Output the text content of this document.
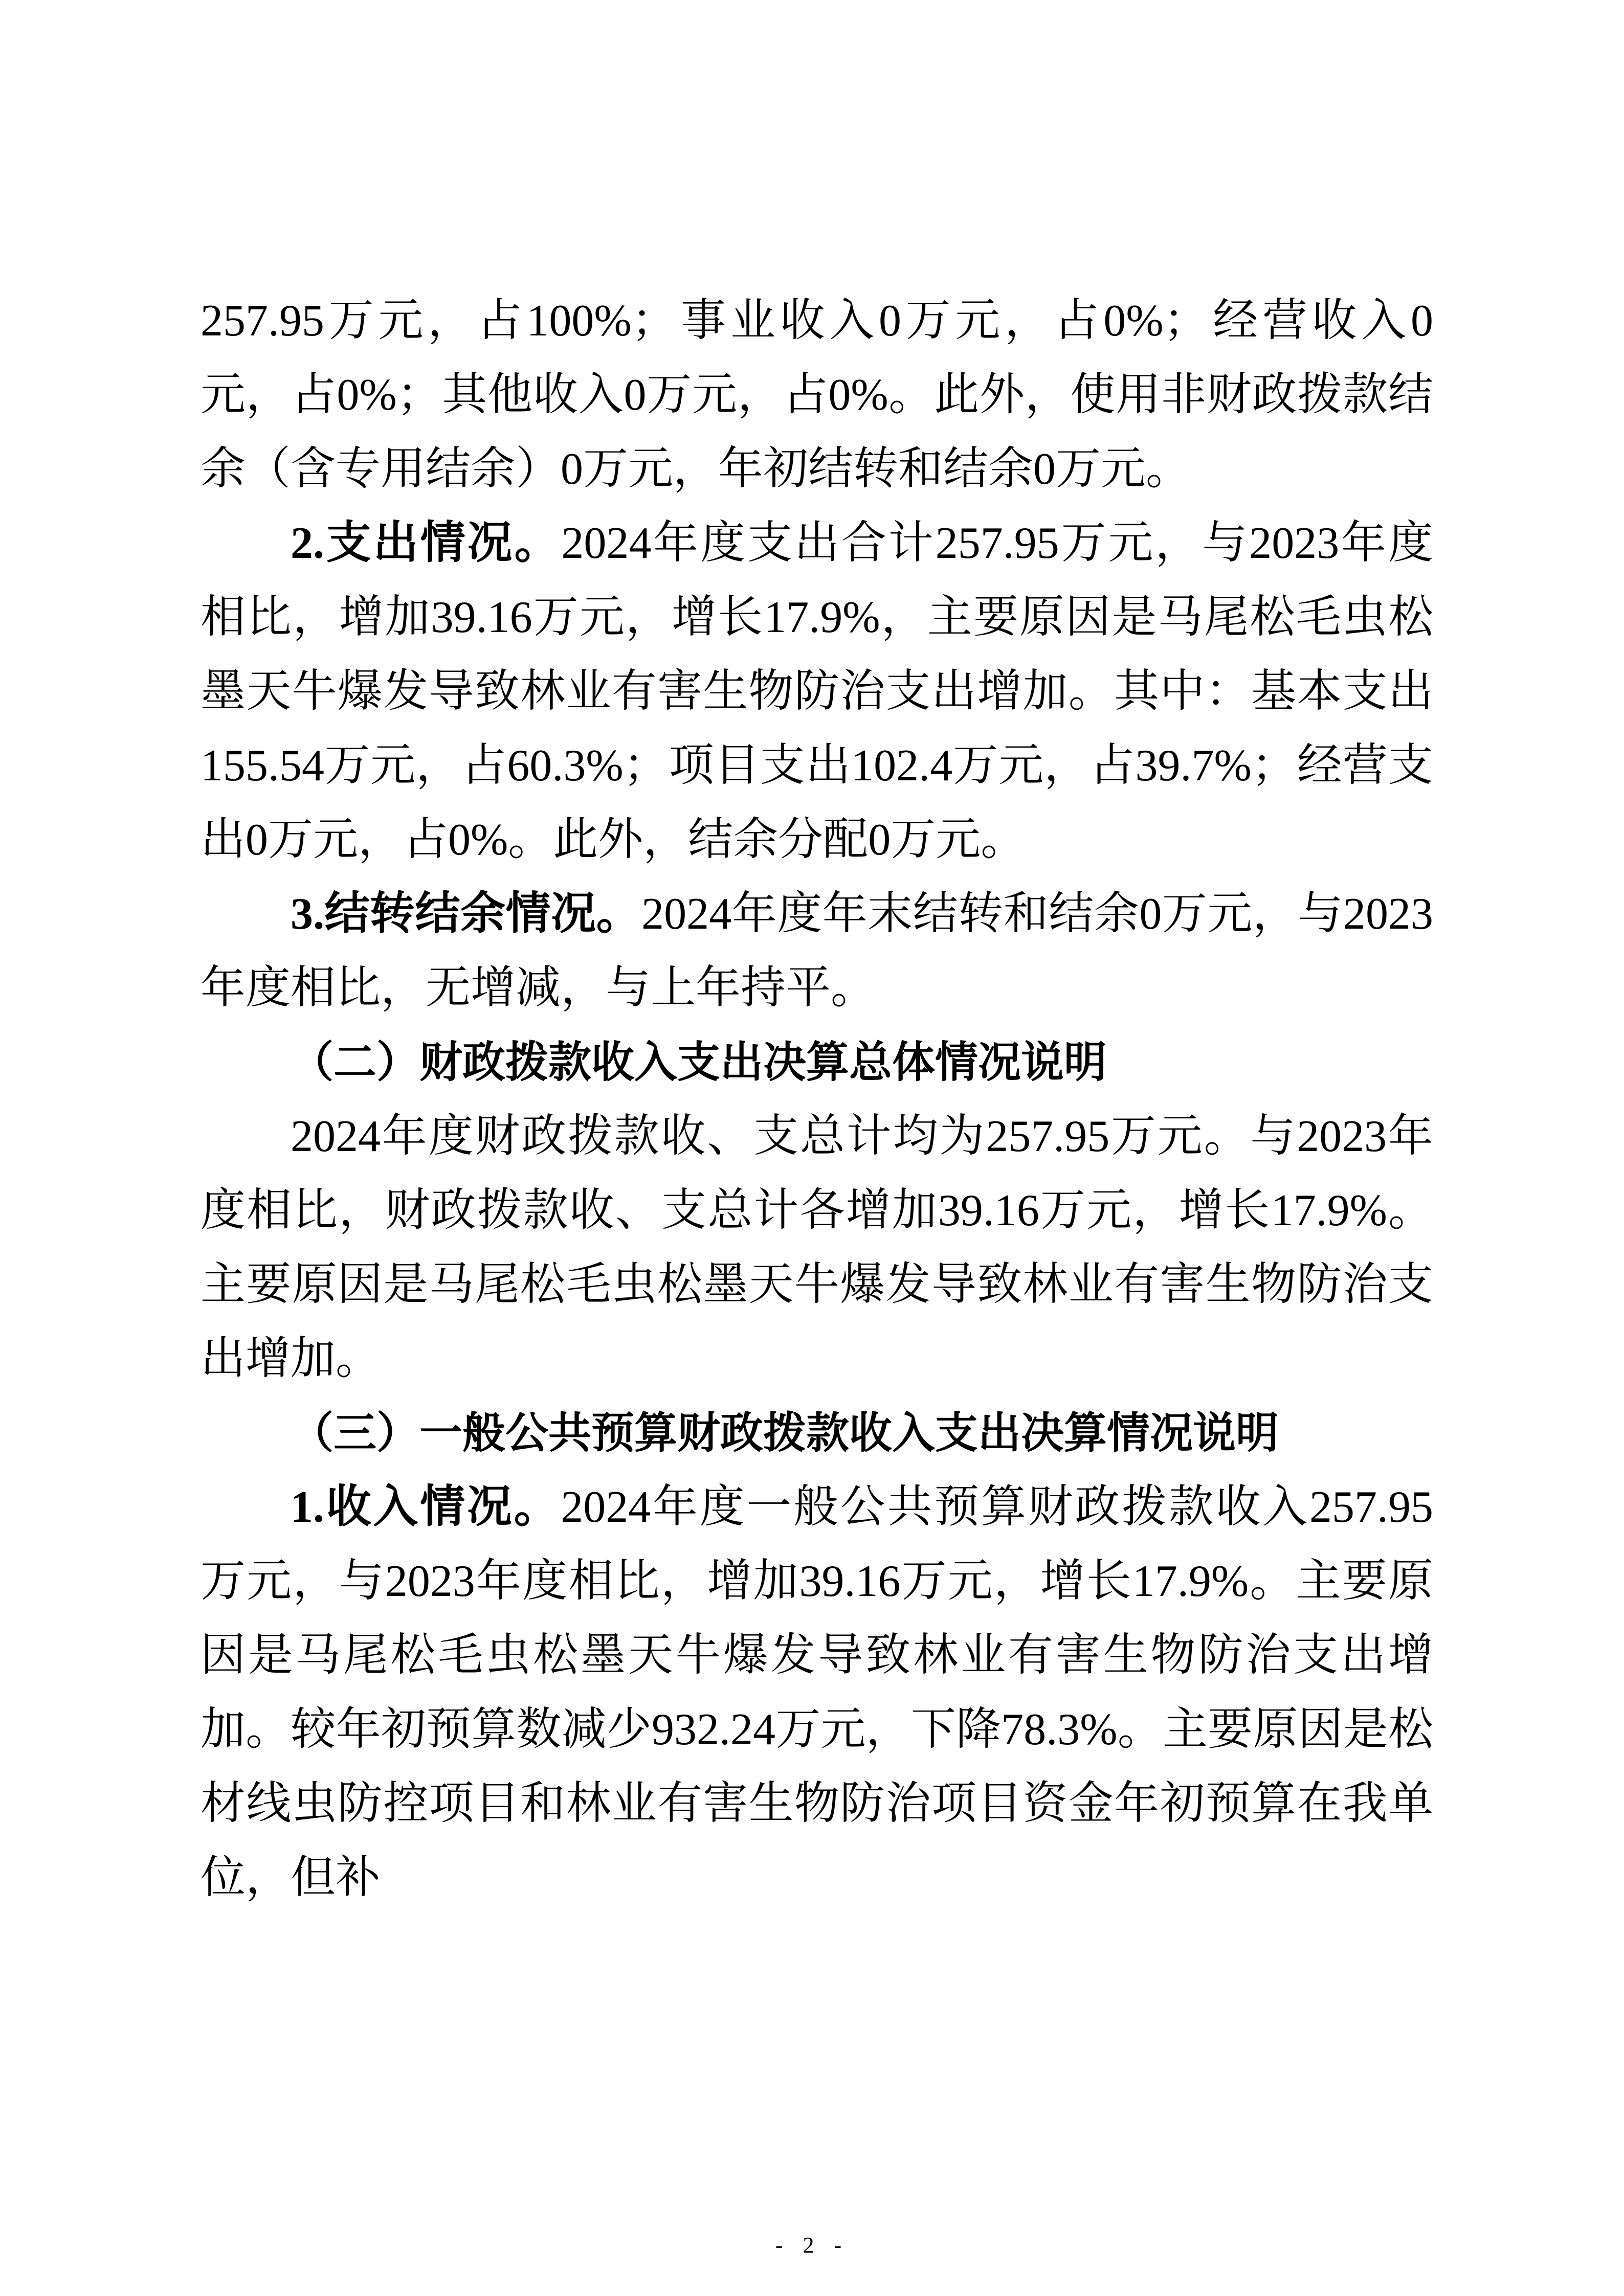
257.95万元，占100%；事业收入0万元，占0%；经营收入0元，占0%；其他收入0万元，占0%。此外，使用非财政拨款结余（含专用结余）0万元，年初结转和结余0万元。

2.支出情况。2024年度支出合计257.95万元，与2023年度相比，增加39.16万元，增长17.9%，主要原因是马尾松毛虫松墨天牛爆发导致林业有害生物防治支出增加。其中：基本支出155.54万元，占60.3%；项目支出102.4万元，占39.7%；经营支出0万元，占0%。此外，结余分配0万元。

3.结转结余情况。2024年度年末结转和结余0万元，与2023年度相比，无增减，与上年持平。

（二）财政拨款收入支出决算总体情况说明

2024年度财政拨款收、支总计均为257.95万元。与2023年度相比，财政拨款收、支总计各增加39.16万元，增长17.9%。主要原因是马尾松毛虫松墨天牛爆发导致林业有害生物防治支出增加。

（三）一般公共预算财政拨款收入支出决算情况说明

1.收入情况。2024年度一般公共预算财政拨款收入257.95万元，与2023年度相比，增加39.16万元，增长17.9%。主要原因是马尾松毛虫松墨天牛爆发导致林业有害生物防治支出增加。较年初预算数减少932.24万元，下降78.3%。主要原因是松材线虫防控项目和林业有害生物防治项目资金年初预算在我单位，但补

- 2 -
